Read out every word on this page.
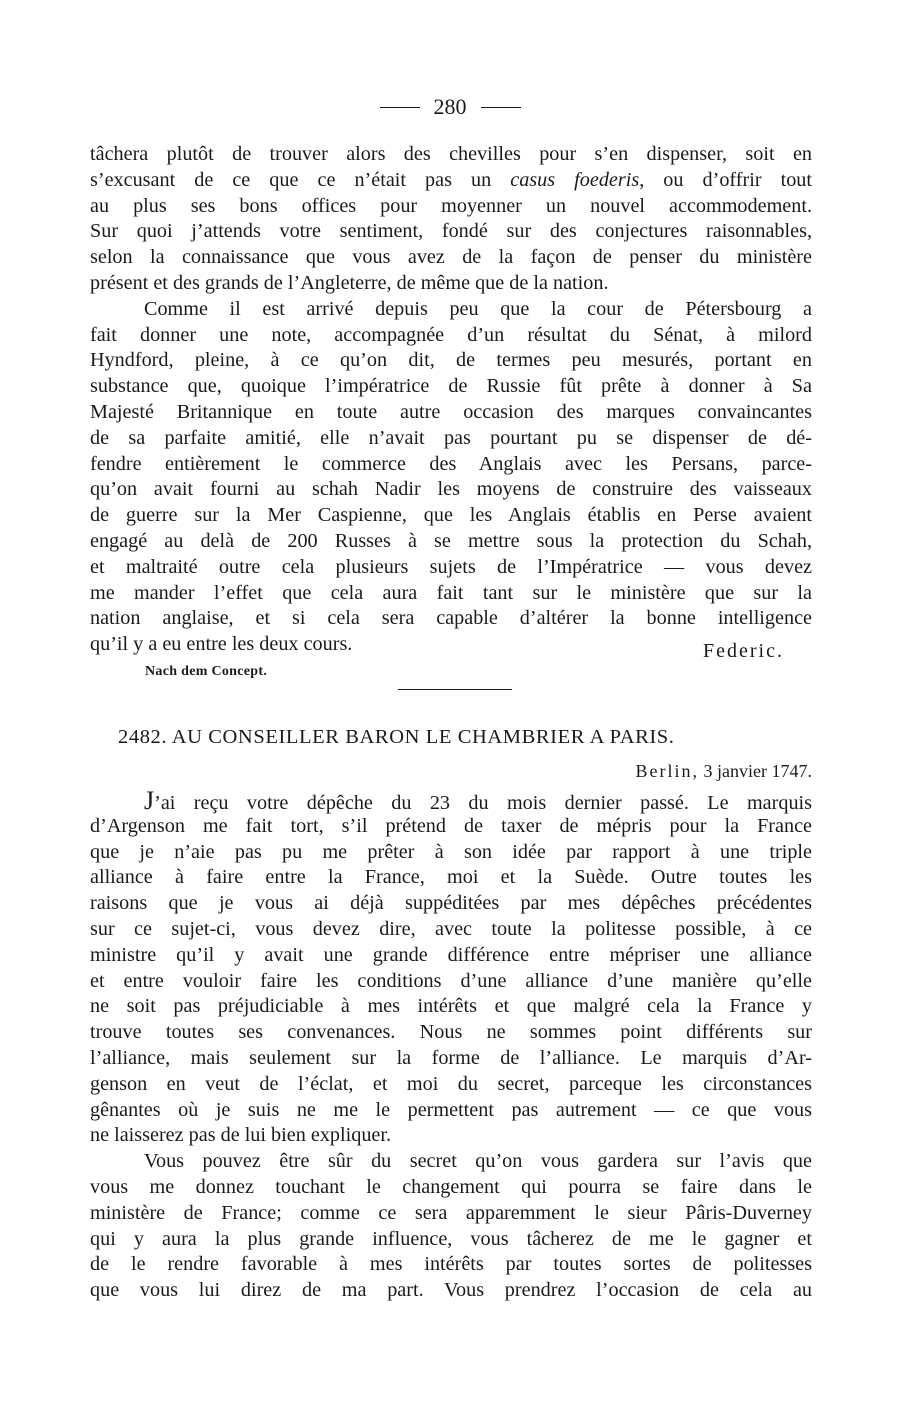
280
tâchera plutôt de trouver alors des chevilles pour s’en dispenser, soit en
s’excusant de ce que ce n’était pas un casus foederis, ou d’offrir tout
au plus ses bons offices pour moyenner un nouvel accommodement.
Sur quoi j’attends votre sentiment, fondé sur des conjectures raisonnables,
selon la connaissance que vous avez de la façon de penser du ministère
présent et des grands de l’Angleterre, de même que de la nation.
Comme il est arrivé depuis peu que la cour de Pétersbourg a
fait donner une note, accompagnée d’un résultat du Sénat, à milord
Hyndford, pleine, à ce qu’on dit, de termes peu mesurés, portant en
substance que, quoique l’impératrice de Russie fût prête à donner à Sa
Majesté Britannique en toute autre occasion des marques convaincantes
de sa parfaite amitié, elle n’avait pas pourtant pu se dispenser de dé-
fendre entièrement le commerce des Anglais avec les Persans, parce-
qu’on avait fourni au schah Nadir les moyens de construire des vaisseaux
de guerre sur la Mer Caspienne, que les Anglais établis en Perse avaient
engagé au delà de 200 Russes à se mettre sous la protection du Schah,
et maltraité outre cela plusieurs sujets de l’Impératrice — vous devez
me mander l’effet que cela aura fait tant sur le ministère que sur la
nation anglaise, et si cela sera capable d’altérer la bonne intelligence
qu’il y a eu entre les deux cours.	Federic.
Nach dem Concept.
2482. AU CONSEILLER BARON LE CHAMBRIER A PARIS.
Berlin, 3 janvier 1747.
J’ai reçu votre dépêche du 23 du mois dernier passé. Le marquis
d’Argenson me fait tort, s’il prétend de taxer de mépris pour la France
que je n’aie pas pu me prêter à son idée par rapport à une triple
alliance à faire entre la France, moi et la Suède. Outre toutes les
raisons que je vous ai déjà suppéditées par mes dépêches précédentes
sur ce sujet-ci, vous devez dire, avec toute la politesse possible, à ce
ministre qu’il y avait une grande différence entre mépriser une alliance
et entre vouloir faire les conditions d’une alliance d’une manière qu’elle
ne soit pas préjudiciable à mes intérêts et que malgré cela la France y
trouve toutes ses convenances. Nous ne sommes point différents sur
l’alliance, mais seulement sur la forme de l’alliance. Le marquis d’Ar-
genson en veut de l’éclat, et moi du secret, parceque les circonstances
gênantes où je suis ne me le permettent pas autrement — ce que vous
ne laisserez pas de lui bien expliquer.
Vous pouvez être sûr du secret qu’on vous gardera sur l’avis que
vous me donnez touchant le changement qui pourra se faire dans le
ministère de France; comme ce sera apparemment le sieur Pâris-Duverney
qui y aura la plus grande influence, vous tâcherez de me le gagner et
de le rendre favorable à mes intérêts par toutes sortes de politesses
que vous lui direz de ma part. Vous prendrez l’occasion de cela au
